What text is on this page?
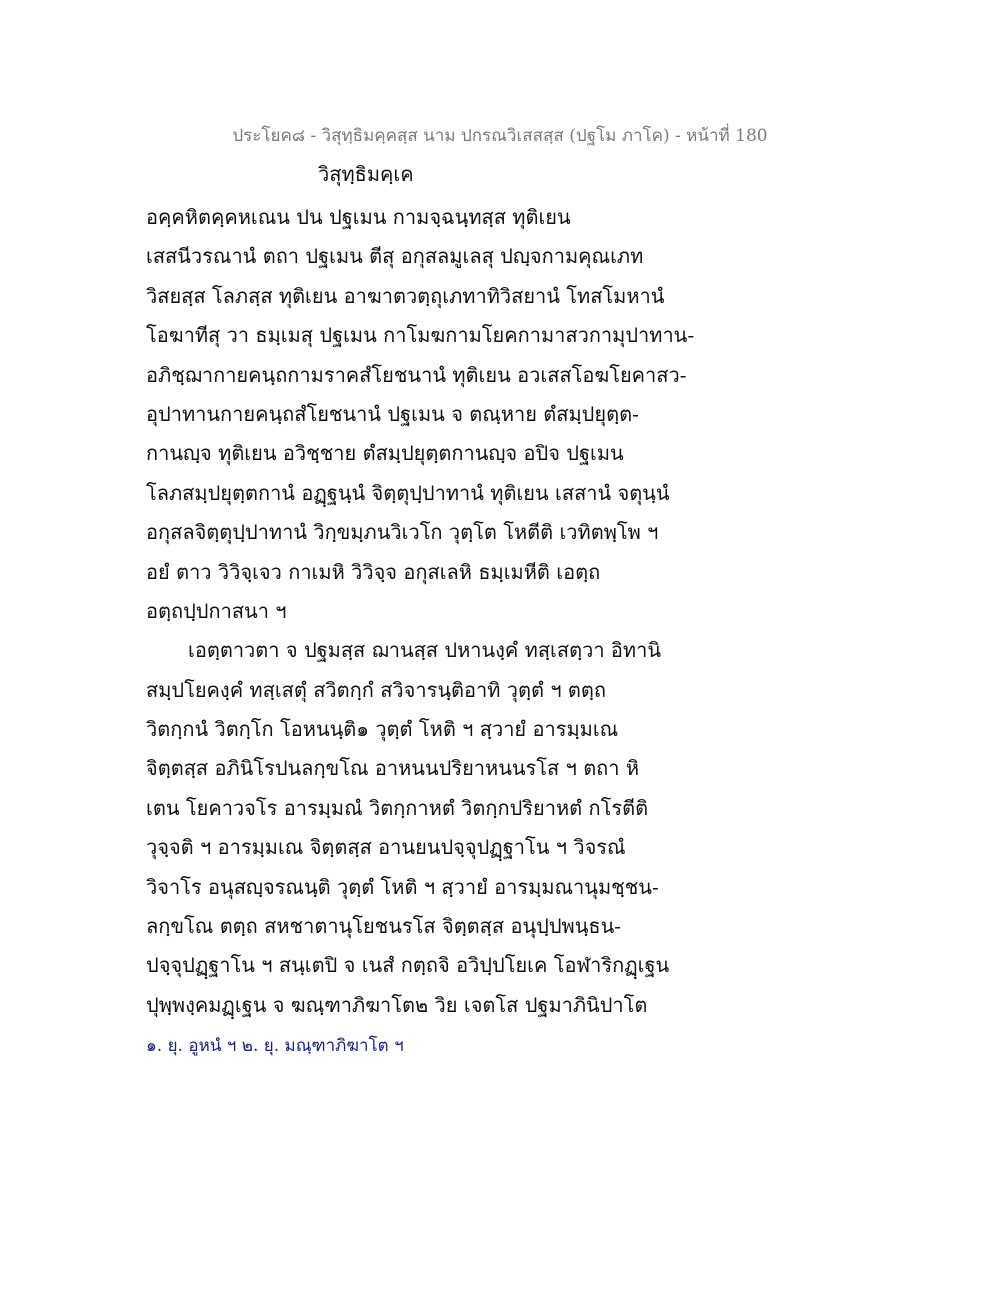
ประโยค๘ - วิสุทฺธิมคฺคสฺส นาม ปกรณวิเสสสฺส (ปฐโม ภาโค) - หน้าที่ 180
วิสุทฺธิมคฺเค
อคฺคหิตคฺคหเณน ปน ปฐเมน กามจฺฉนฺทสฺส ทุติเยน
เสสนีวรณานํ ตถา ปฐเมน ตีสุ อกุสลมูเลสุ ปญฺจกามคุณเภท
วิสยสฺส โลภสฺส ทุติเยน อาฆาตวตฺถุเภทาทิวิสยานํ โทสโมหานํ
โอฆาทีสุ วา ธมฺเมสุ ปฐเมน กาโมฆกามโยคกามาสวกามุปาทาน-
อภิชฺฌากายคนฺถกามราคสํโยชนานํ ทุติเยน อวเสสโอฆโยคาสว-
อุปาทานกายคนฺถสํโยชนานํ ปฐเมน จ ตณฺหาย ตํสมฺปยุตฺต-
กานญฺจ ทุติเยน อวิชฺชาย ตํสมฺปยุตฺตกานญฺจ อปิจ ปฐเมน
โลภสมฺปยุตฺตกานํ อฏฺฐนฺนํ จิตฺตุปฺปาทานํ ทุติเยน เสสานํ จตุนฺนํ
อกุสลจิตฺตุปฺปาทานํ วิกฺขมฺภนวิเวโก วุตฺโต โหตีติ เวทิตพฺโพ ฯ
อยํ ตาว วิวิจฺเจว กาเมหิ วิวิจฺจ อกุสเลหิ ธมฺเมหีติ เอตฺถ
อตฺถปฺปกาสนา ฯ
เอตฺตาวตา จ ปฐมสฺส ฌานสฺส ปหานงฺคํ ทสฺเสตฺวา อิทานิ
สมฺปโยคงฺคํ ทสฺเสตุํ สวิตกฺกํ สวิจารนฺติอาทิ วุตฺตํ ฯ ตตฺถ
วิตกฺกนํ วิตกฺโก โอหนนฺติ๑ วุตฺตํ โหติ ฯ สฺวายํ อารมฺมเณ
จิตฺตสฺส อภินิโรปนลกฺขโณ อาหนนปริยาหนนรโส ฯ ตถา หิ
เตน โยคาวจโร อารมฺมณํ วิตกฺกาหตํ วิตกฺกปริยาหตํ กโรตีติ
วุจฺจติ ฯ อารมฺมเณ จิตฺตสฺส อานยนปจฺจุปฏฺฐาโน ฯ วิจรณํ
วิจาโร อนุสญฺจรณนฺติ วุตฺตํ โหติ ฯ สฺวายํ อารมฺมณานุมชฺชน-
ลกฺขโณ ตตฺถ สหชาตานุโยชนรโส จิตฺตสฺส อนุปฺปพนฺธน-
ปจฺจุปฏฺฐาโน ฯ สนฺเตปิ จ เนสํ กตฺถจิ อวิปฺปโยเค โอฬาริกฏฺเฐน
ปุพฺพงฺคมฏฺเฐน จ ฆณฺฑาภิฆาโต๒ วิย เจตโส ปฐมาภินิปาโต
๑. ยุ. อูหนํ ฯ ๒. ยุ. มณฺฑาภิฆาโต ฯ
